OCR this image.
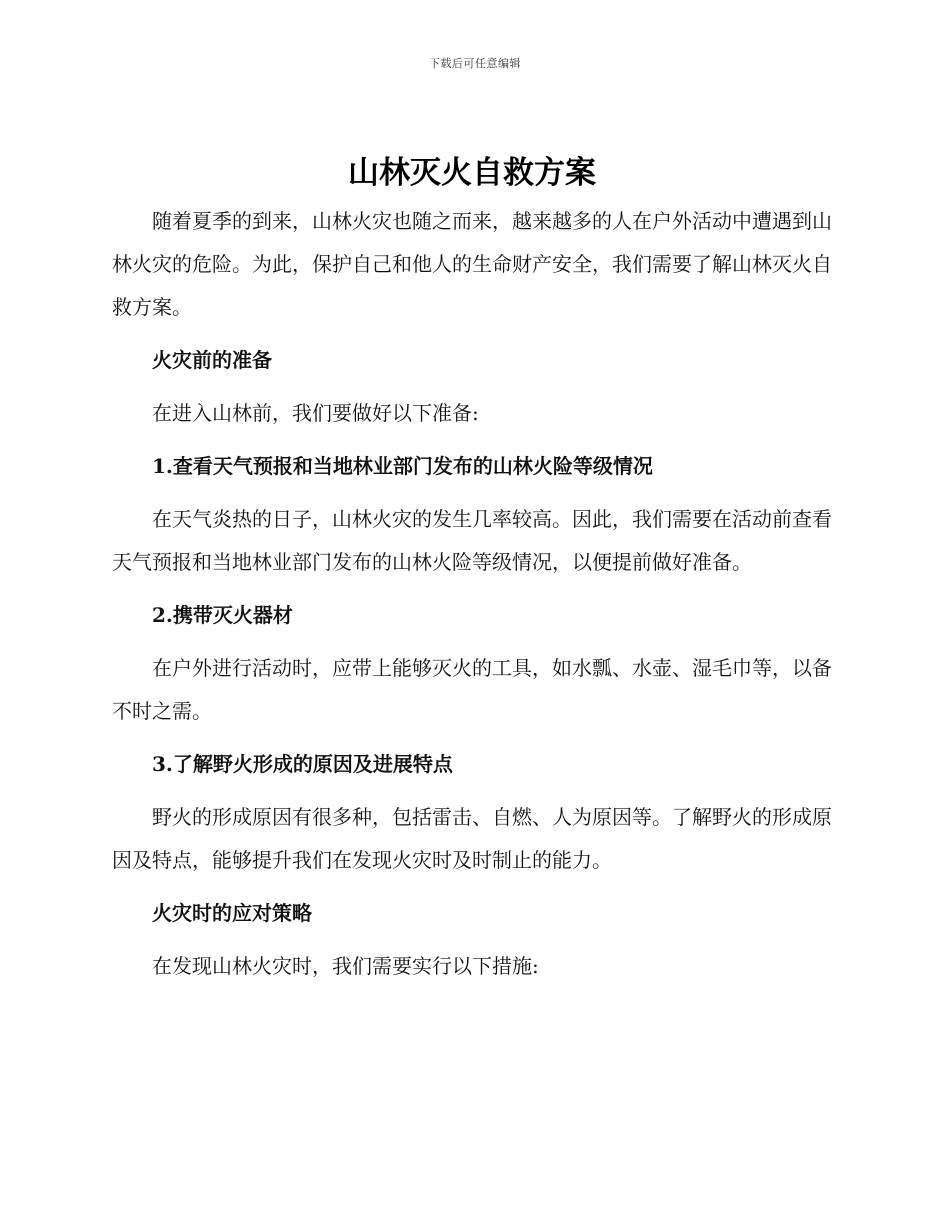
下载后可任意编辑
山林灭火自救方案

随着夏季的到来，山林火灾也随之而来，越来越多的人在户外活动中遭遇到山林火灾的危险。为此，保护自己和他人的生命财产安全，我们需要了解山林灭火自救方案。

火灾前的准备

在进入山林前，我们要做好以下准备:

1.查看天气预报和当地林业部门发布的山林火险等级情况

在天气炎热的日子，山林火灾的发生几率较高。因此，我们需要在活动前查看天气预报和当地林业部门发布的山林火险等级情况，以便提前做好准备。

2.携带灭火器材

在户外进行活动时，应带上能够灭火的工具，如水瓢、水壶、湿毛巾等，以备不时之需。

3.了解野火形成的原因及进展特点

野火的形成原因有很多种，包括雷击、自燃、人为原因等。了解野火的形成原因及特点，能够提升我们在发现火灾时及时制止的能力。

火灾时的应对策略

在发现山林火灾时，我们需要实行以下措施:
